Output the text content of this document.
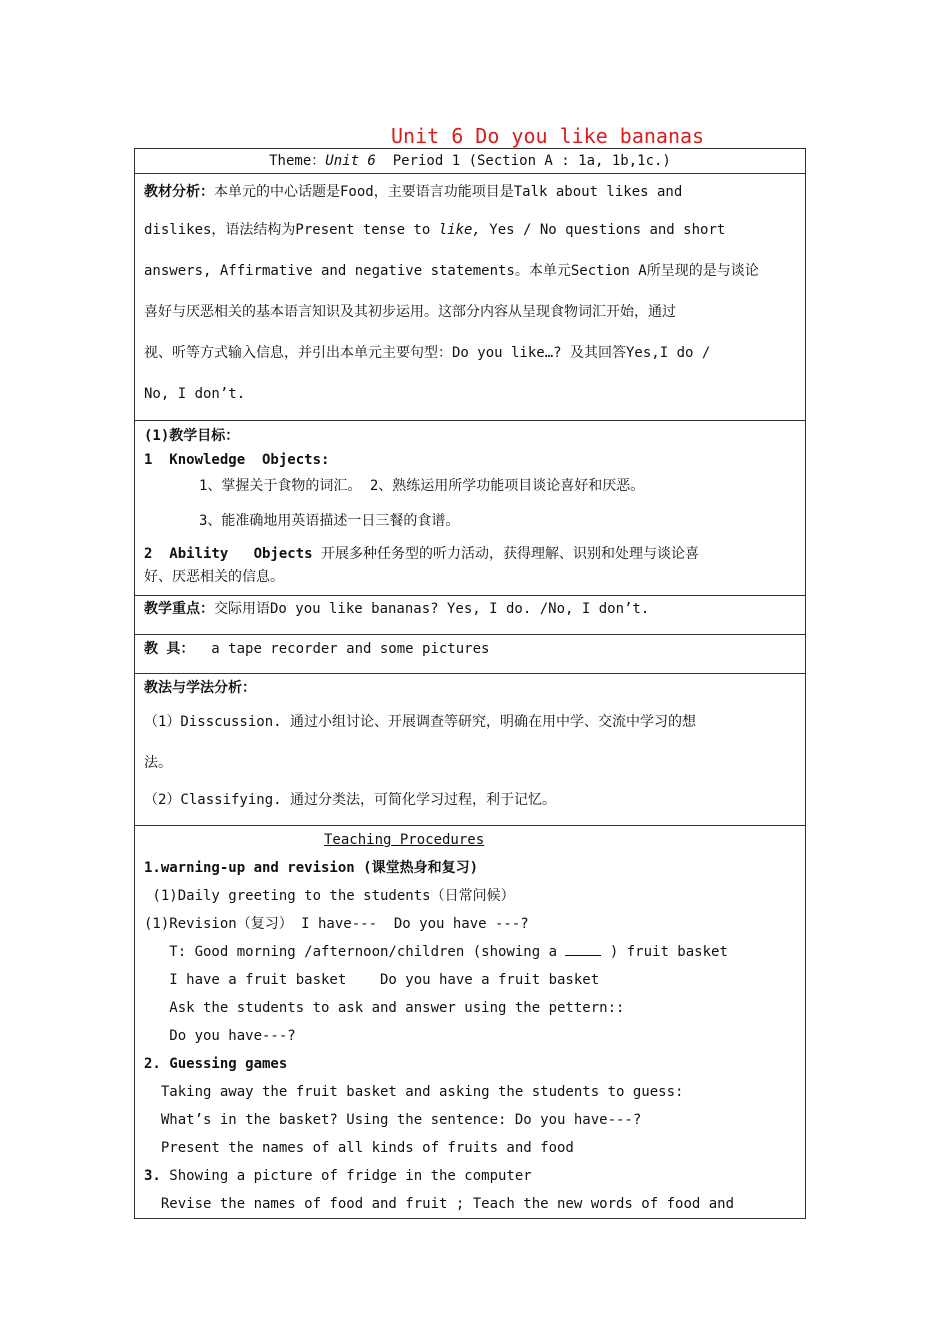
Unit 6 Do you like bananas
Theme：Unit 6  Period 1 (Section A : 1a, 1b,1c.)

教材分析：本单元的中心话题是Food，主要语言功能项目是Talk about likes and

dislikes，语法结构为Present tense to like, Yes / No questions and short

answers, Affirmative and negative statements。本单元Section A所呈现的是与谈论

喜好与厌恶相关的基本语言知识及其初步运用。这部分内容从呈现食物词汇开始，通过

视、听等方式输入信息，并引出本单元主要句型：Do you like…? 及其回答Yes,I do /

No, I don’t.

(1)教学目标：
1  Knowledge  Objects:
1、掌握关于食物的词汇。 2、熟练运用所学功能项目谈论喜好和厌恶。
3、能准确地用英语描述一日三餐的食谱。
2  Ability   Objects 开展多种任务型的听力活动，获得理解、识别和处理与谈论喜
好、厌恶相关的信息。

教学重点：交际用语Do you like bananas? Yes, I do. /No, I don’t.
教 具：  a tape recorder and some pictures

教法与学法分析：
（1）Disscussion. 通过小组讨论、开展调查等研究，明确在用中学、交流中学习的想
法。
（2）Classifying. 通过分类法，可简化学习过程，利于记忆。

Teaching Procedures

1.warning-up and revision (课堂热身和复习)

(1)Daily greeting to the students（日常问候）

(1)Revision（复习） I have---  Do you have ---?

T: Good morning /afternoon/children (showing a	) fruit basket

I have a fruit basket    Do you have a fruit basket

Ask the students to ask and answer using the pettern::

Do you have---?

2. Guessing games

Taking away the fruit basket and asking the students to guess:

What’s in the basket? Using the sentence: Do you have---?

Present the names of all kinds of fruits and food

3. Showing a picture of fridge in the computer

Revise the names of food and fruit ; Teach the new words of food and
